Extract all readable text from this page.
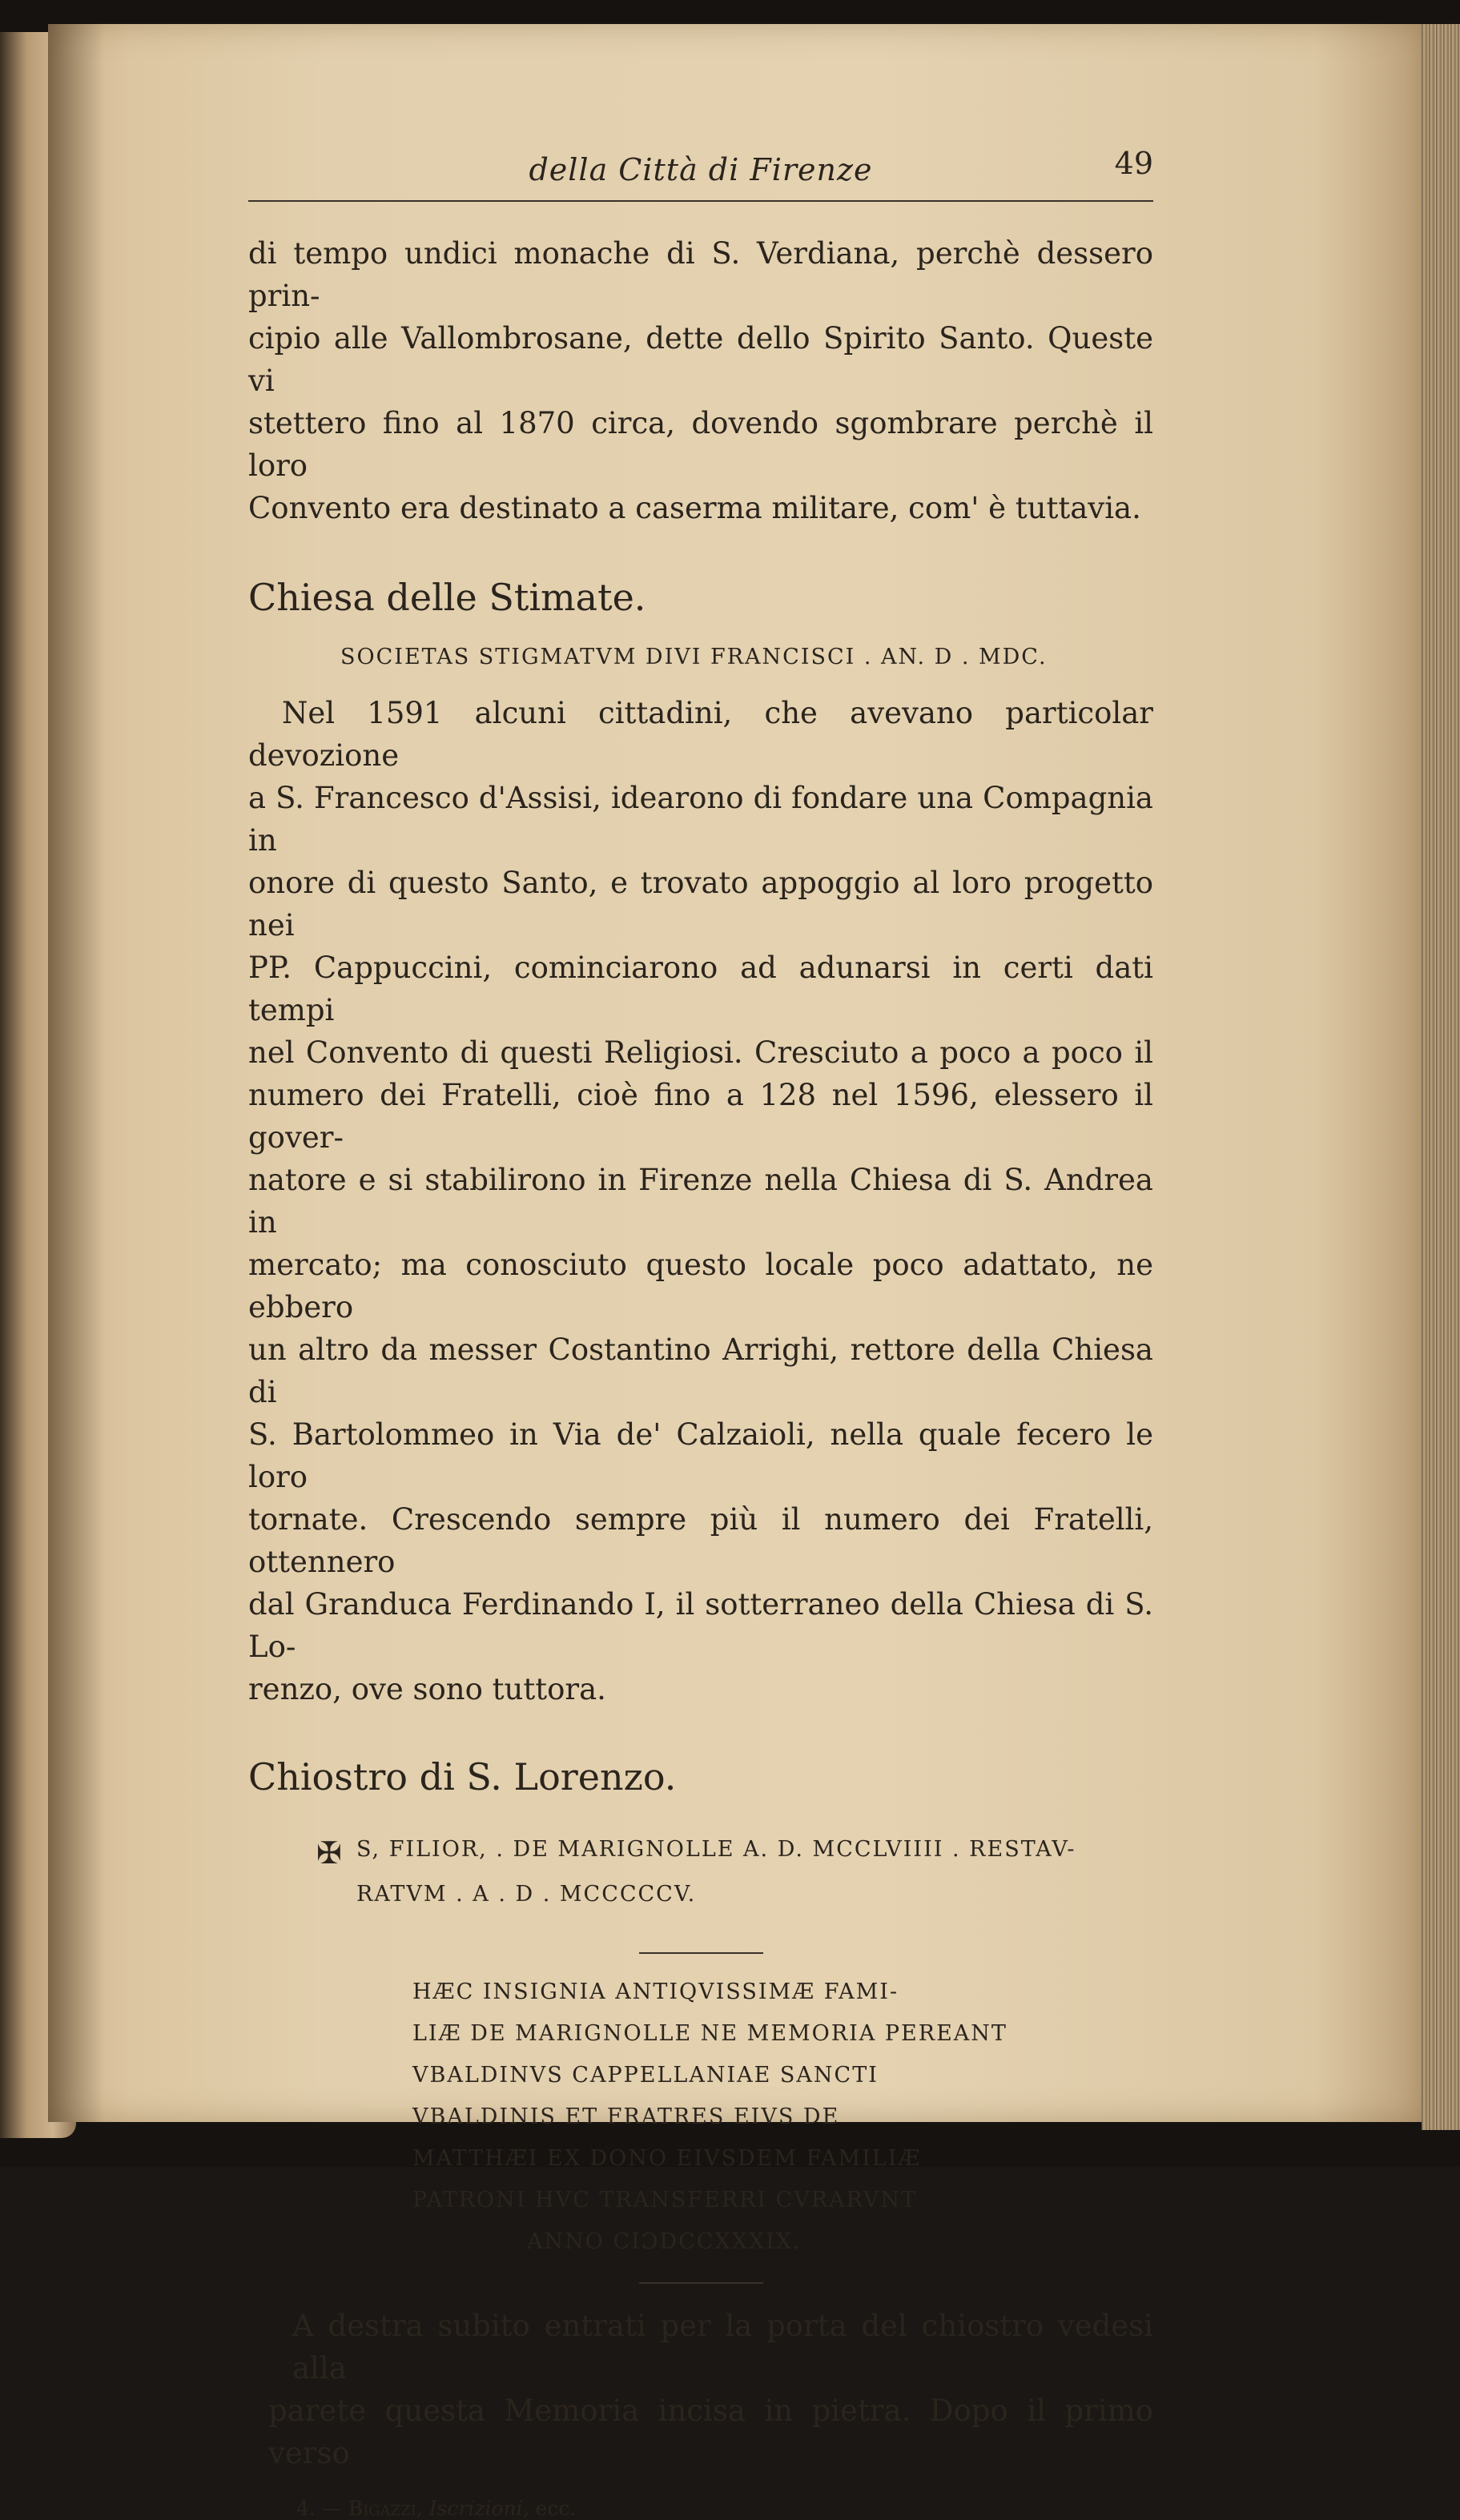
della Città di Firenze	49

di tempo undici monache di S. Verdiana, perchè dessero prin-
cipio alle Vallombrosane, dette dello Spirito Santo. Queste vi
stettero fino al 1870 circa, dovendo sgombrare perchè il loro
Convento era destinato a caserma militare, com' è tuttavia.

Chiesa delle Stimate.
SOCIETAS STIGMATVM DIVI FRANCISCI . AN. D . MDC.

Nel 1591 alcuni cittadini, che avevano particolar devozione
a S. Francesco d'Assisi, idearono di fondare una Compagnia in
onore di questo Santo, e trovato appoggio al loro progetto nei
PP. Cappuccini, cominciarono ad adunarsi in certi dati tempi
nel Convento di questi Religiosi. Cresciuto a poco a poco il
numero dei Fratelli, cioè fino a 128 nel 1596, elessero il gover-
natore e si stabilirono in Firenze nella Chiesa di S. Andrea in
mercato; ma conosciuto questo locale poco adattato, ne ebbero
un altro da messer Costantino Arrighi, rettore della Chiesa di
S. Bartolommeo in Via de' Calzaioli, nella quale fecero le loro
tornate. Crescendo sempre più il numero dei Fratelli, ottennero
dal Granduca Ferdinando I, il sotterraneo della Chiesa di S. Lo-
renzo, ove sono tuttora.

Chiostro di S. Lorenzo.
✠ S, FILIOR, . DE MARIGNOLLE A. D. MCCLVIIII . RESTAV-
RATVM . A . D . MCCCCCV.
HÆC INSIGNIA ANTIQVISSIMÆ FAMI-
LIÆ DE MARIGNOLLE NE MEMORIA PEREANT
VBALDINVS CAPPELLANIAE SANCTI
VBALDINIS ET FRATRES EIVS DE
MATTHÆI EX DONO EIVSDEM FAMILIÆ
PATRONI HVC TRANSFERRI CVRARVNT
ANNO CIƆDCCXXXIX.

A destra subito entrati per la porta del chiostro vedesi alla
parete questa Memoria incisa in pietra. Dopo il primo verso

4. — Bigazzi, Iscrizioni, ecc.
